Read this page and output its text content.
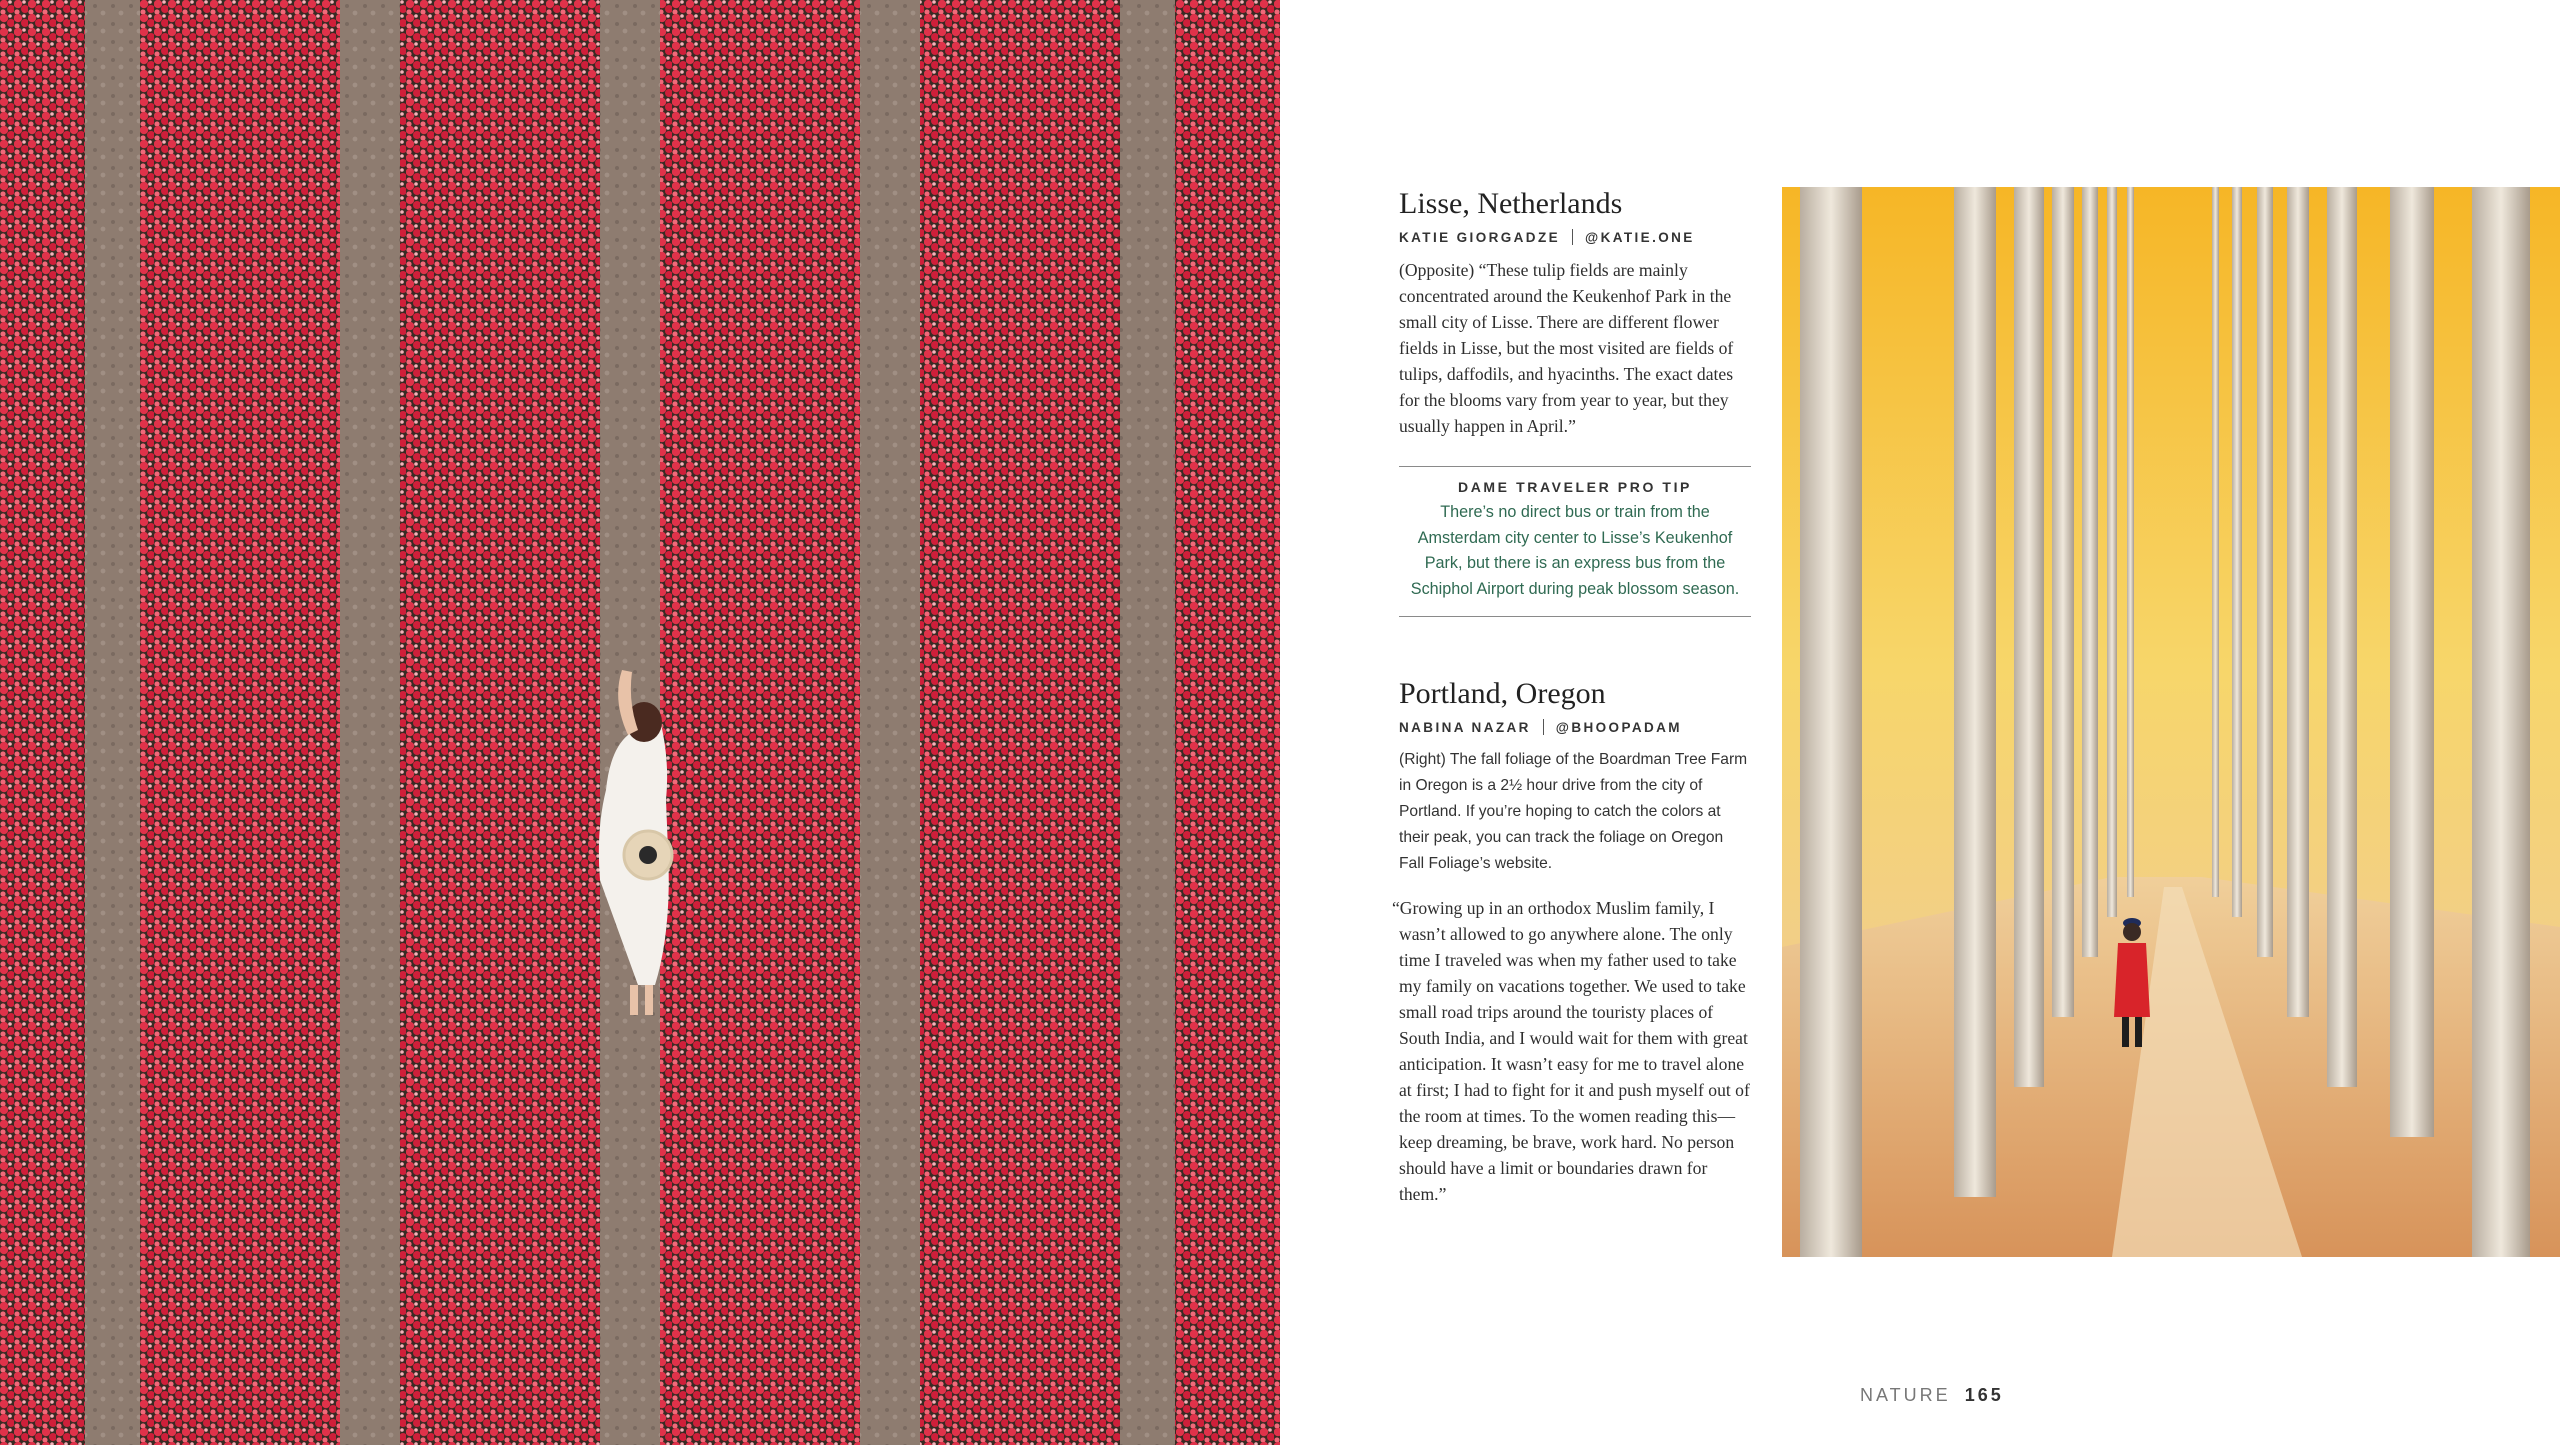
Lisse, Netherlands
KATIE GIORGADZE @KATIE.ONE
(Opposite) “These tulip fields are mainly concentrated around the Keukenhof Park in the small city of Lisse. There are different flower fields in Lisse, but the most visited are fields of tulips, daffodils, and hyacinths. The exact dates for the blooms vary from year to year, but they usually happen in April.”
DAME TRAVELER PRO TIP
There’s no direct bus or train from the Amsterdam city center to Lisse’s Keukenhof Park, but there is an express bus from the Schiphol Airport during peak blossom season.
Portland, Oregon
NABINA NAZAR @BHOOPADAM
(Right) The fall foliage of the Boardman Tree Farm in Oregon is a 2½ hour drive from the city of Portland. If you’re hoping to catch the colors at their peak, you can track the foliage on Oregon Fall Foliage’s website.
“Growing up in an orthodox Muslim family, I wasn’t allowed to go anywhere alone. The only time I traveled was when my father used to take my family on vacations together. We used to take small road trips around the touristy places of South India, and I would wait for them with great anticipation. It wasn’t easy for me to travel alone at first; I had to fight for it and push myself out of the room at times. To the women reading this—keep dreaming, be brave, work hard. No person should have a limit or boundaries drawn for them.”
NATURE 165
